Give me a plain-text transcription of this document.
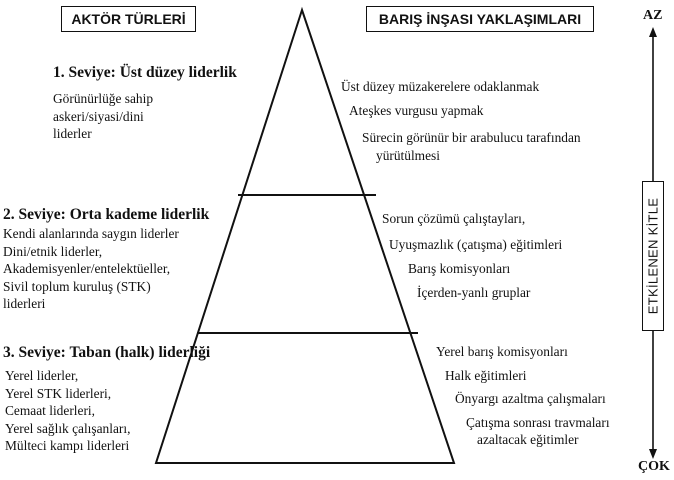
AKTÖR TÜRLERİ	BARIŞ İNŞASI YAKLAŞIMLARI	AZ
ÇOK
ETKİLENEN KİTLE
1. Seviye: Üst düzey liderlik
Görünürlüğe sahip
askeri/siyasi/dini
liderler
Üst düzey müzakerelere odaklanmak
Ateşkes vurgusu yapmak
Sürecin görünür bir arabulucu tarafından
yürütülmesi
2. Seviye: Orta kademe liderlik
Kendi alanlarında saygın liderler
Dini/etnik liderler,
Akademisyenler/entelektüeller,
Sivil toplum kuruluş (STK)
liderleri
Sorun çözümü çalıştayları,
Uyuşmazlık (çatışma) eğitimleri
Barış komisyonları
İçerden-yanlı gruplar
3. Seviye: Taban (halk) liderliği
Yerel liderler,
Yerel STK liderleri,
Cemaat liderleri,
Yerel sağlık çalışanları,
Mülteci kampı liderleri
Yerel barış komisyonları
Halk eğitimleri
Önyargı azaltma çalışmaları
Çatışma sonrası travmaları
azaltacak eğitimler
